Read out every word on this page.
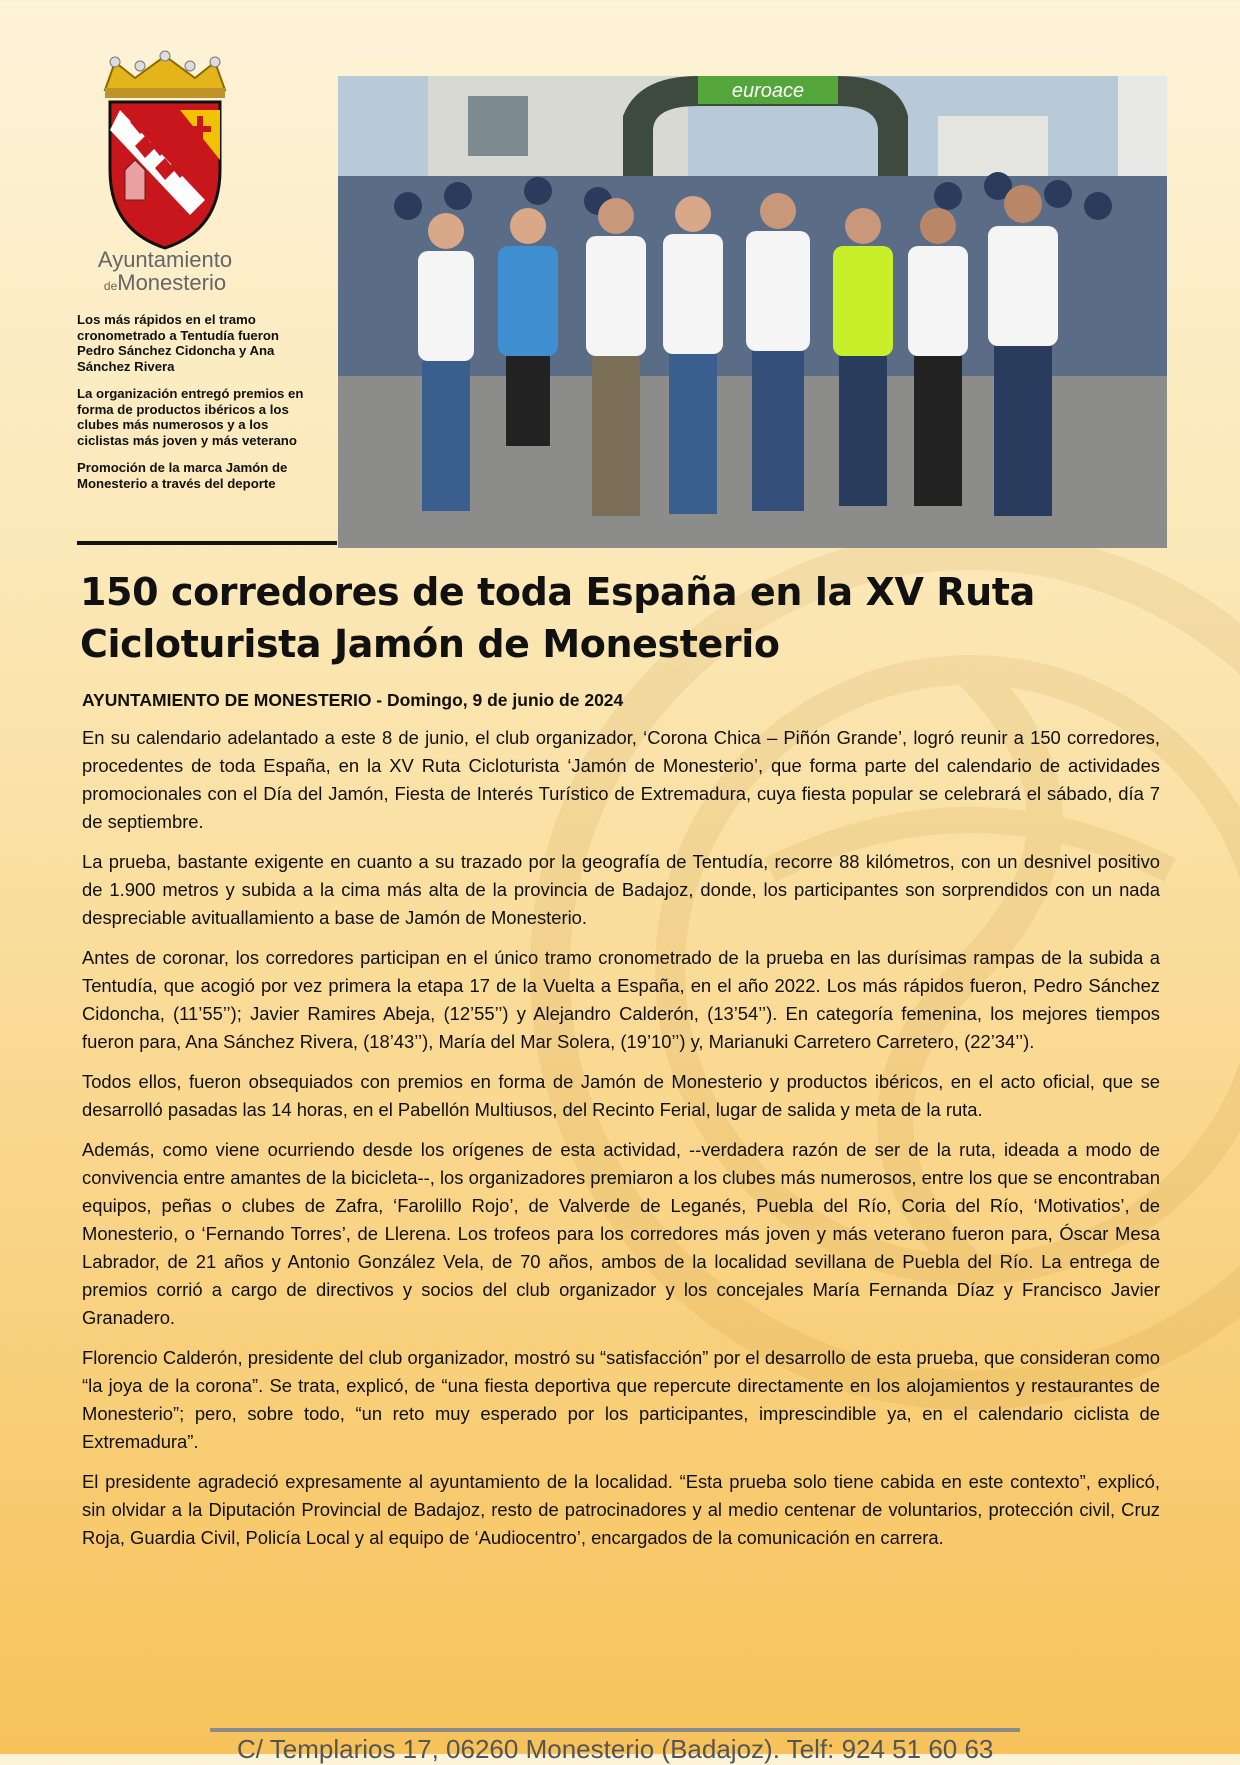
Ayuntamiento
deMonesterio

Los más rápidos en el tramo cronometrado a Tentudía fueron Pedro Sánchez Cidoncha y Ana Sánchez Rivera

La organización entregó premios en forma de productos ibéricos a los clubes más numerosos y a los ciclistas más joven y más veterano

Promoción de la marca Jamón de Monesterio a través del deporte

euroace
150 corredores de toda España en la XV Ruta Cicloturista Jamón de Monesterio

AYUNTAMIENTO DE MONESTERIO - Domingo, 9 de junio de 2024

En su calendario adelantado a este 8 de junio, el club organizador, ‘Corona Chica – Piñón Grande’, logró reunir a 150 corredores, procedentes de toda España, en la XV Ruta Cicloturista ‘Jamón de Monesterio’, que forma parte del calendario de actividades promocionales con el Día del Jamón, Fiesta de Interés Turístico de Extremadura, cuya fiesta popular se celebrará el sábado, día 7 de septiembre.

La prueba, bastante exigente en cuanto a su trazado por la geografía de Tentudía, recorre 88 kilómetros, con un desnivel positivo de 1.900 metros y subida a la cima más alta de la provincia de Badajoz, donde, los participantes son sorprendidos con un nada despreciable avituallamiento a base de Jamón de Monesterio.

Antes de coronar, los corredores participan en el único tramo cronometrado de la prueba en las durísimas rampas de la subida a Tentudía, que acogió por vez primera la etapa 17 de la Vuelta a España, en el año 2022. Los más rápidos fueron, Pedro Sánchez Cidoncha, (11’55’’); Javier Ramires Abeja, (12’55’’) y Alejandro Calderón, (13’54’’). En categoría femenina, los mejores tiempos fueron para, Ana Sánchez Rivera, (18’43’’), María del Mar Solera, (19’10’’) y, Marianuki Carretero Carretero, (22’34’’).

Todos ellos, fueron obsequiados con premios en forma de Jamón de Monesterio y productos ibéricos, en el acto oficial, que se desarrolló pasadas las 14 horas, en el Pabellón Multiusos, del Recinto Ferial, lugar de salida y meta de la ruta.

Además, como viene ocurriendo desde los orígenes de esta actividad, --verdadera razón de ser de la ruta, ideada a modo de convivencia entre amantes de la bicicleta--, los organizadores premiaron a los clubes más numerosos, entre los que se encontraban equipos, peñas o clubes de Zafra, ‘Farolillo Rojo’, de Valverde de Leganés, Puebla del Río, Coria del Río, ‘Motivatios’, de Monesterio, o ‘Fernando Torres’, de Llerena. Los trofeos para los corredores más joven y más veterano fueron para, Óscar Mesa Labrador, de 21 años y Antonio González Vela, de 70 años, ambos de la localidad sevillana de Puebla del Río. La entrega de premios corrió a cargo de directivos y socios del club organizador y los concejales María Fernanda Díaz y Francisco Javier Granadero.

Florencio Calderón, presidente del club organizador, mostró su “satisfacción” por el desarrollo de esta prueba, que consideran como “la joya de la corona”. Se trata, explicó, de “una fiesta deportiva que repercute directamente en los alojamientos y restaurantes de Monesterio”; pero, sobre todo, “un reto muy esperado por los participantes, imprescindible ya, en el calendario ciclista de Extremadura”.

El presidente agradeció expresamente al ayuntamiento de la localidad. “Esta prueba solo tiene cabida en este contexto”, explicó, sin olvidar a la Diputación Provincial de Badajoz, resto de patrocinadores y al medio centenar de voluntarios, protección civil, Cruz Roja, Guardia Civil, Policía Local y al equipo de ‘Audiocentro’, encargados de la comunicación en carrera.

C/ Templarios 17, 06260 Monesterio (Badajoz). Telf: 924 51 60 63
